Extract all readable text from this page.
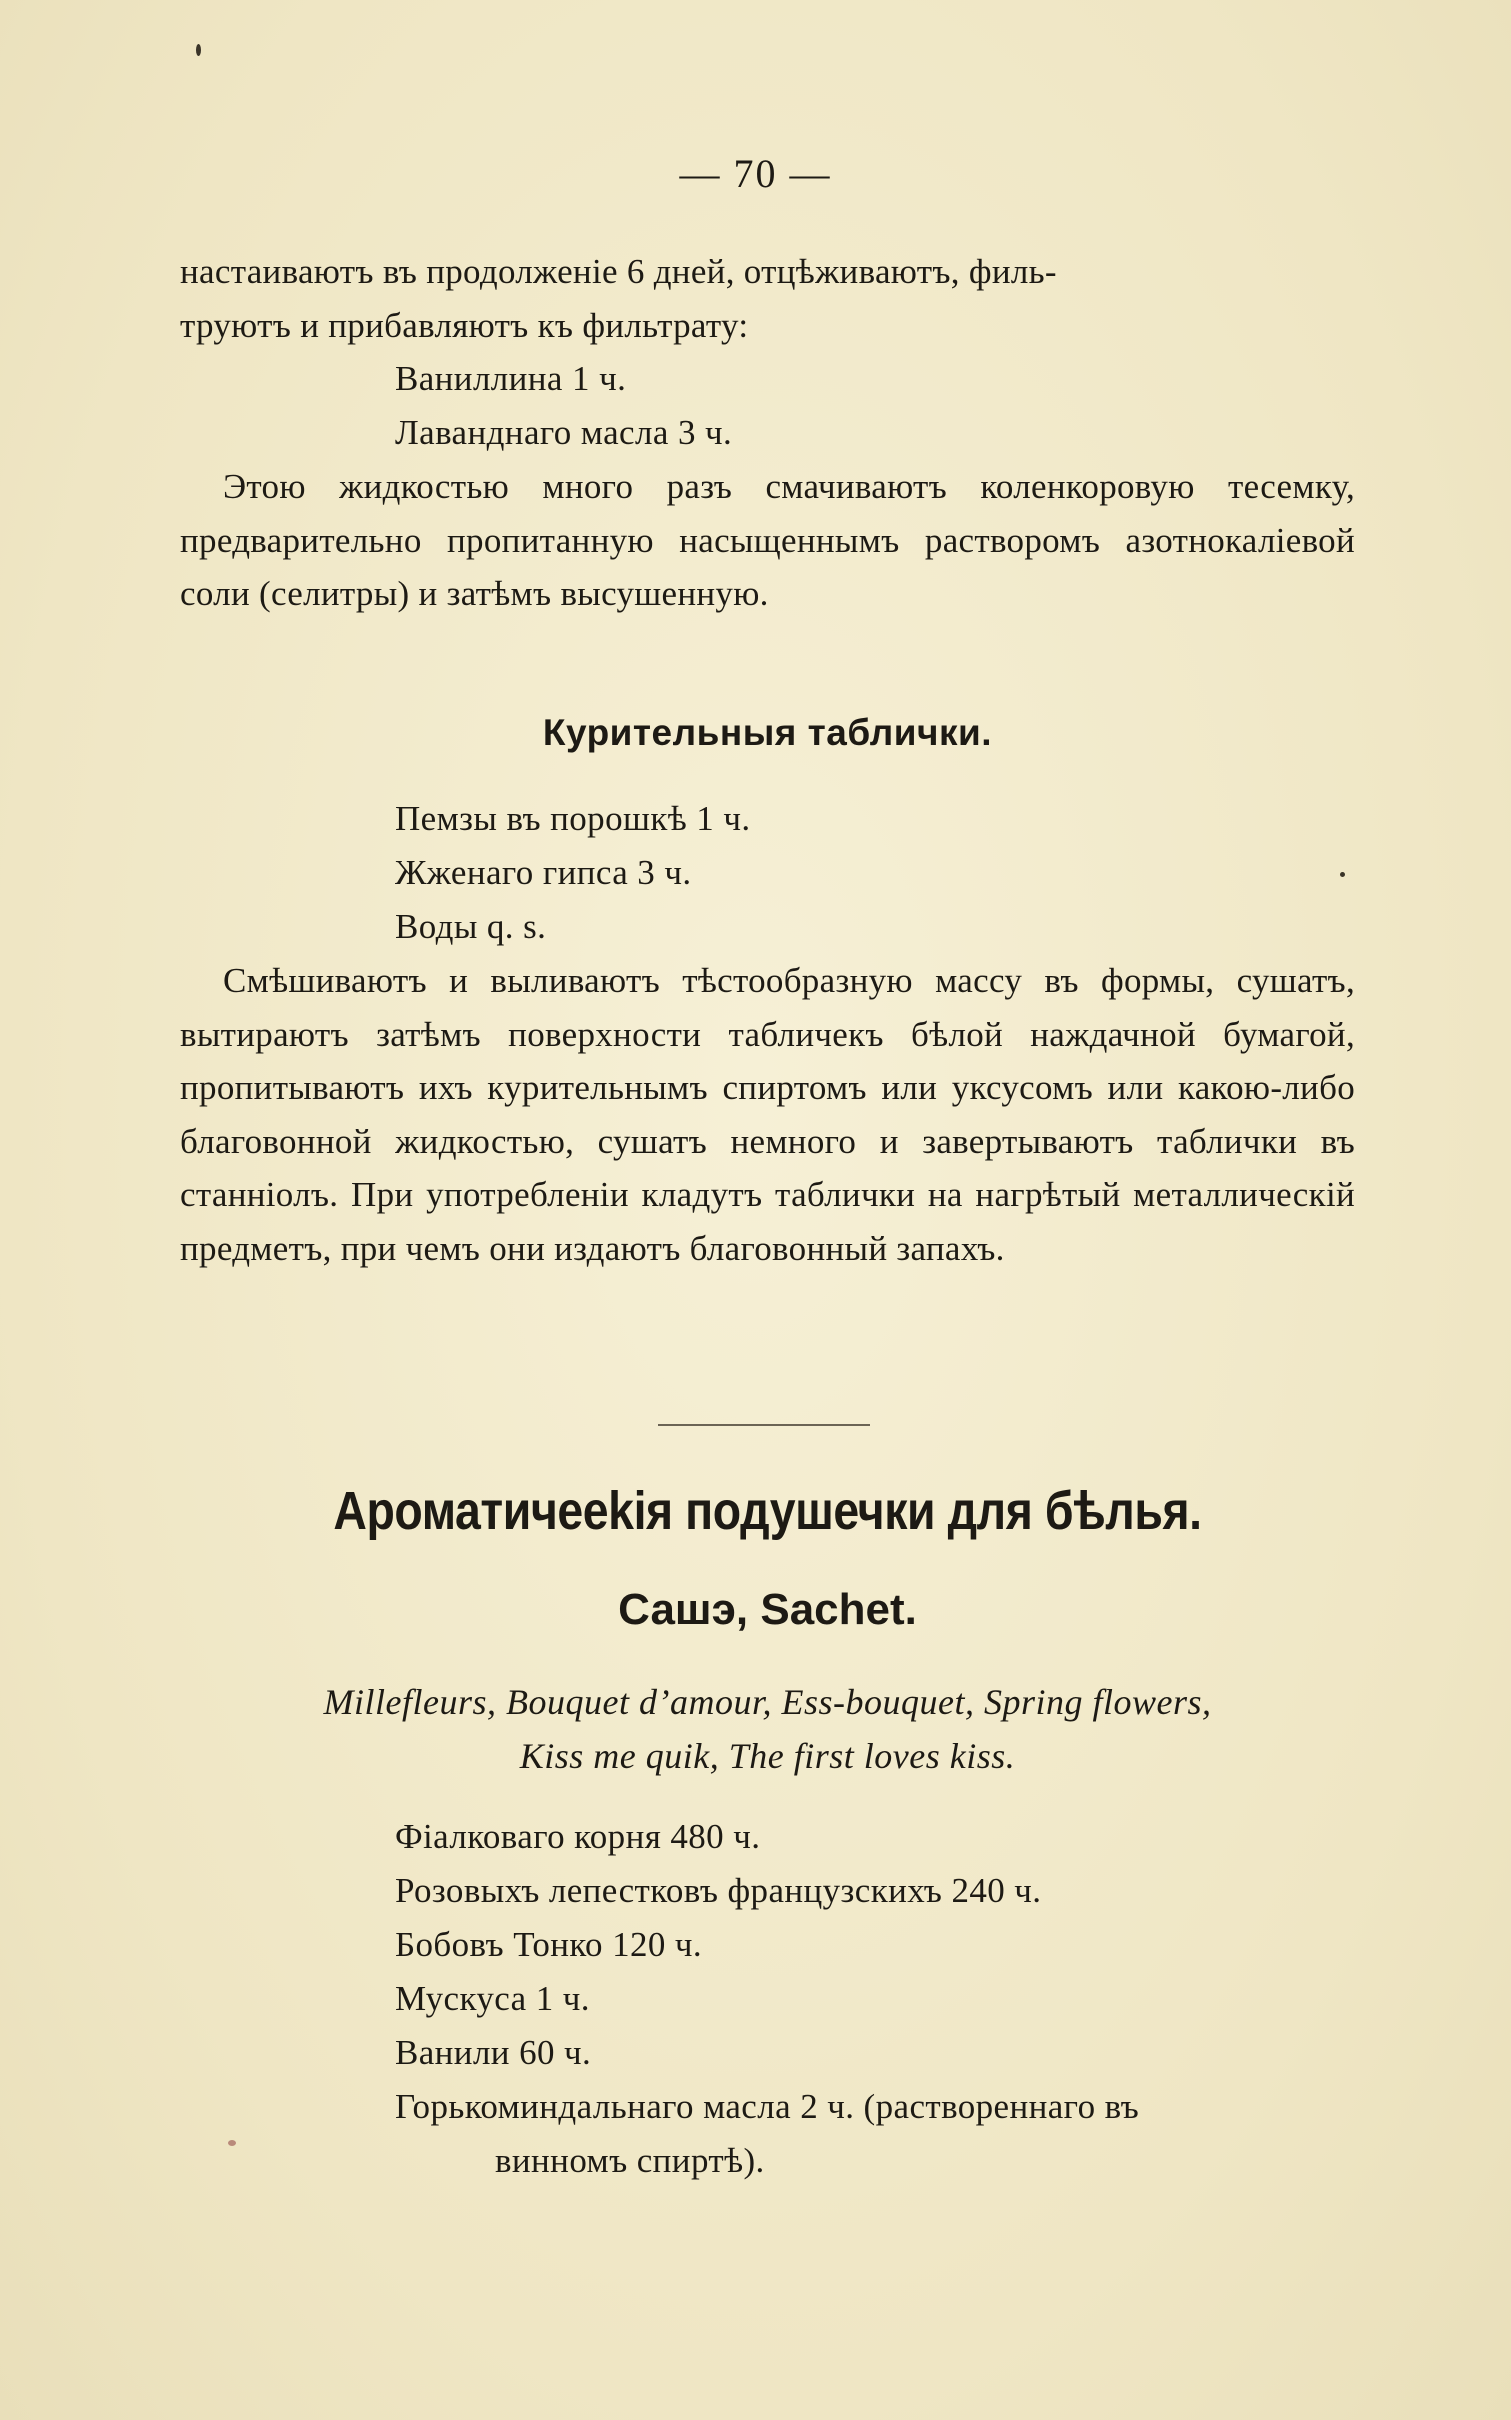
— 70 —

настаиваютъ въ продолженіе 6 дней, отцѣживаютъ, филь-

труютъ и прибавляютъ къ фильтрату:

Ваниллина 1 ч.
Лаванднаго масла 3 ч.

Этою жидкостью много разъ смачиваютъ коленкоровую тесемку, предварительно пропитанную насыщеннымъ растворомъ азотнокаліевой соли (селитры) и затѣмъ высушенную.

Курительныя таблички.

Пемзы въ порошкѣ 1 ч.
Жженаго гипса 3 ч.
Воды q. s.

Смѣшиваютъ и выливаютъ тѣстообразную массу въ формы, сушатъ, вытираютъ затѣмъ поверхности табличекъ бѣлой наждачной бумагой, пропитываютъ ихъ курительнымъ спиртомъ или уксусомъ или какою-либо благовонной жидкостью, сушатъ немного и завертываютъ таблички въ станніолъ. При употребленіи кладутъ таблички на нагрѣтый металлическій предметъ, при чемъ они издаютъ благовонный запахъ.

Ароматичееkія подушечки для бѣлья.

Сашэ, Sachet.

Millefleurs, Bouquet d’amour, Ess-bouquet, Spring flowers,

Kiss me quik, The first loves kiss.

Фіалковаго корня 480 ч.
Розовыхъ лепестковъ французскихъ 240 ч.
Бобовъ Тонко 120 ч.
Мускуса 1 ч.
Ванили 60 ч.
Горькоминдальнаго масла 2 ч. (раствореннаго въ
винномъ спиртѣ).
